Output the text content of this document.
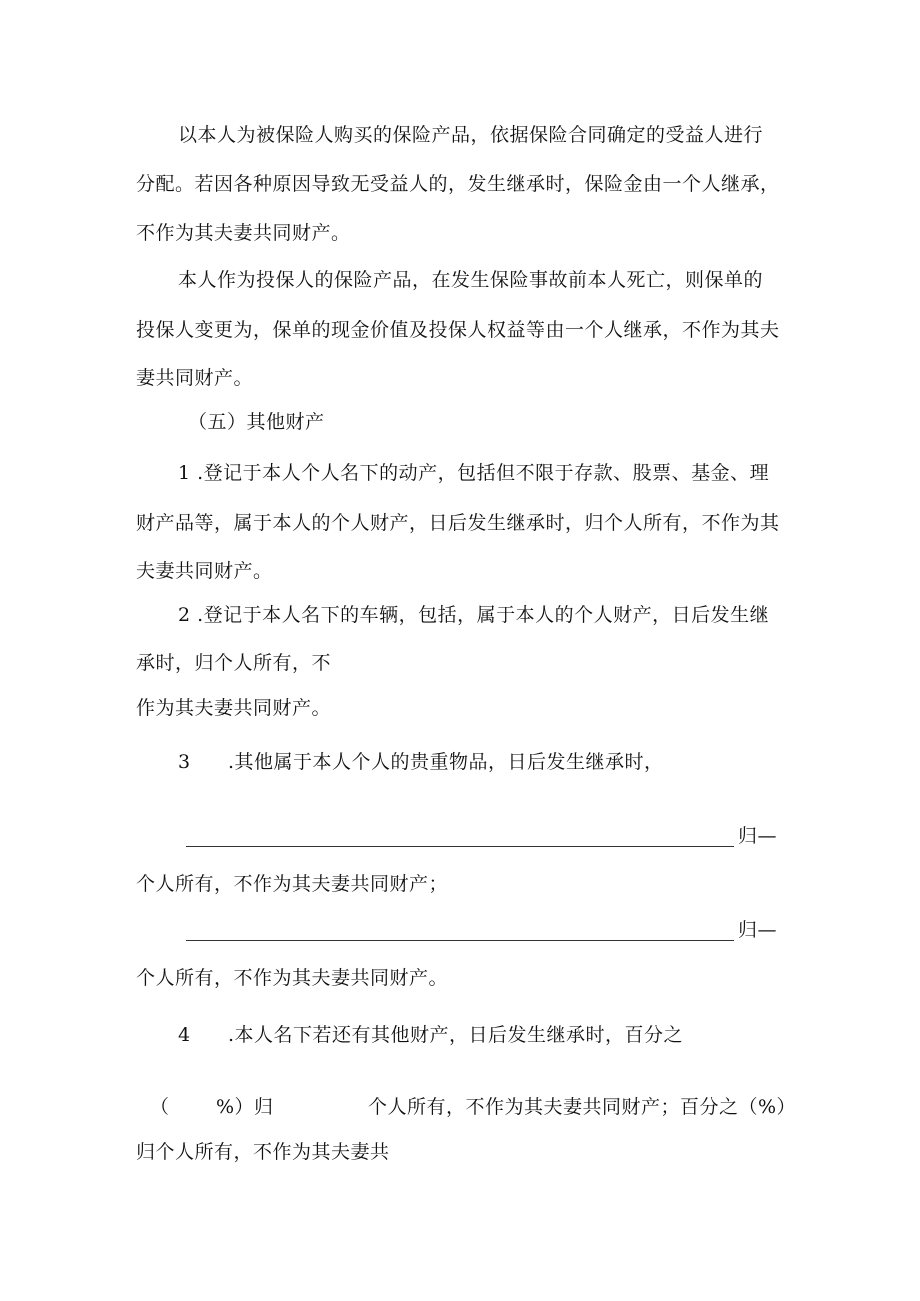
以本人为被保险人购买的保险产品，依据保险合同确定的受益人进行
分配。若因各种原因导致无受益人的，发生继承时，保险金由一个人继承，
不作为其夫妻共同财产。
本人作为投保人的保险产品，在发生保险事故前本人死亡，则保单的
投保人变更为，保单的现金价值及投保人权益等由一个人继承，不作为其夫
妻共同财产。
（五）其他财产
1 .登记于本人个人名下的动产，包括但不限于存款、股票、基金、理
财产品等，属于本人的个人财产，日后发生继承时，归个人所有，不作为其
夫妻共同财产。
2 .登记于本人名下的车辆，包括，属于本人的个人财产，日后发生继
承时，归个人所有，不
作为其夫妻共同财产。
3 .其他属于本人个人的贵重物品，日后发生继承时，
归—
个人所有，不作为其夫妻共同财产；
归—
个人所有，不作为其夫妻共同财产。
4 .本人名下若还有其他财产，日后发生继承时，百分之
（ %）归	个人所有，不作为其夫妻共同财产；百分之（%）
归个人所有，不作为其夫妻共
